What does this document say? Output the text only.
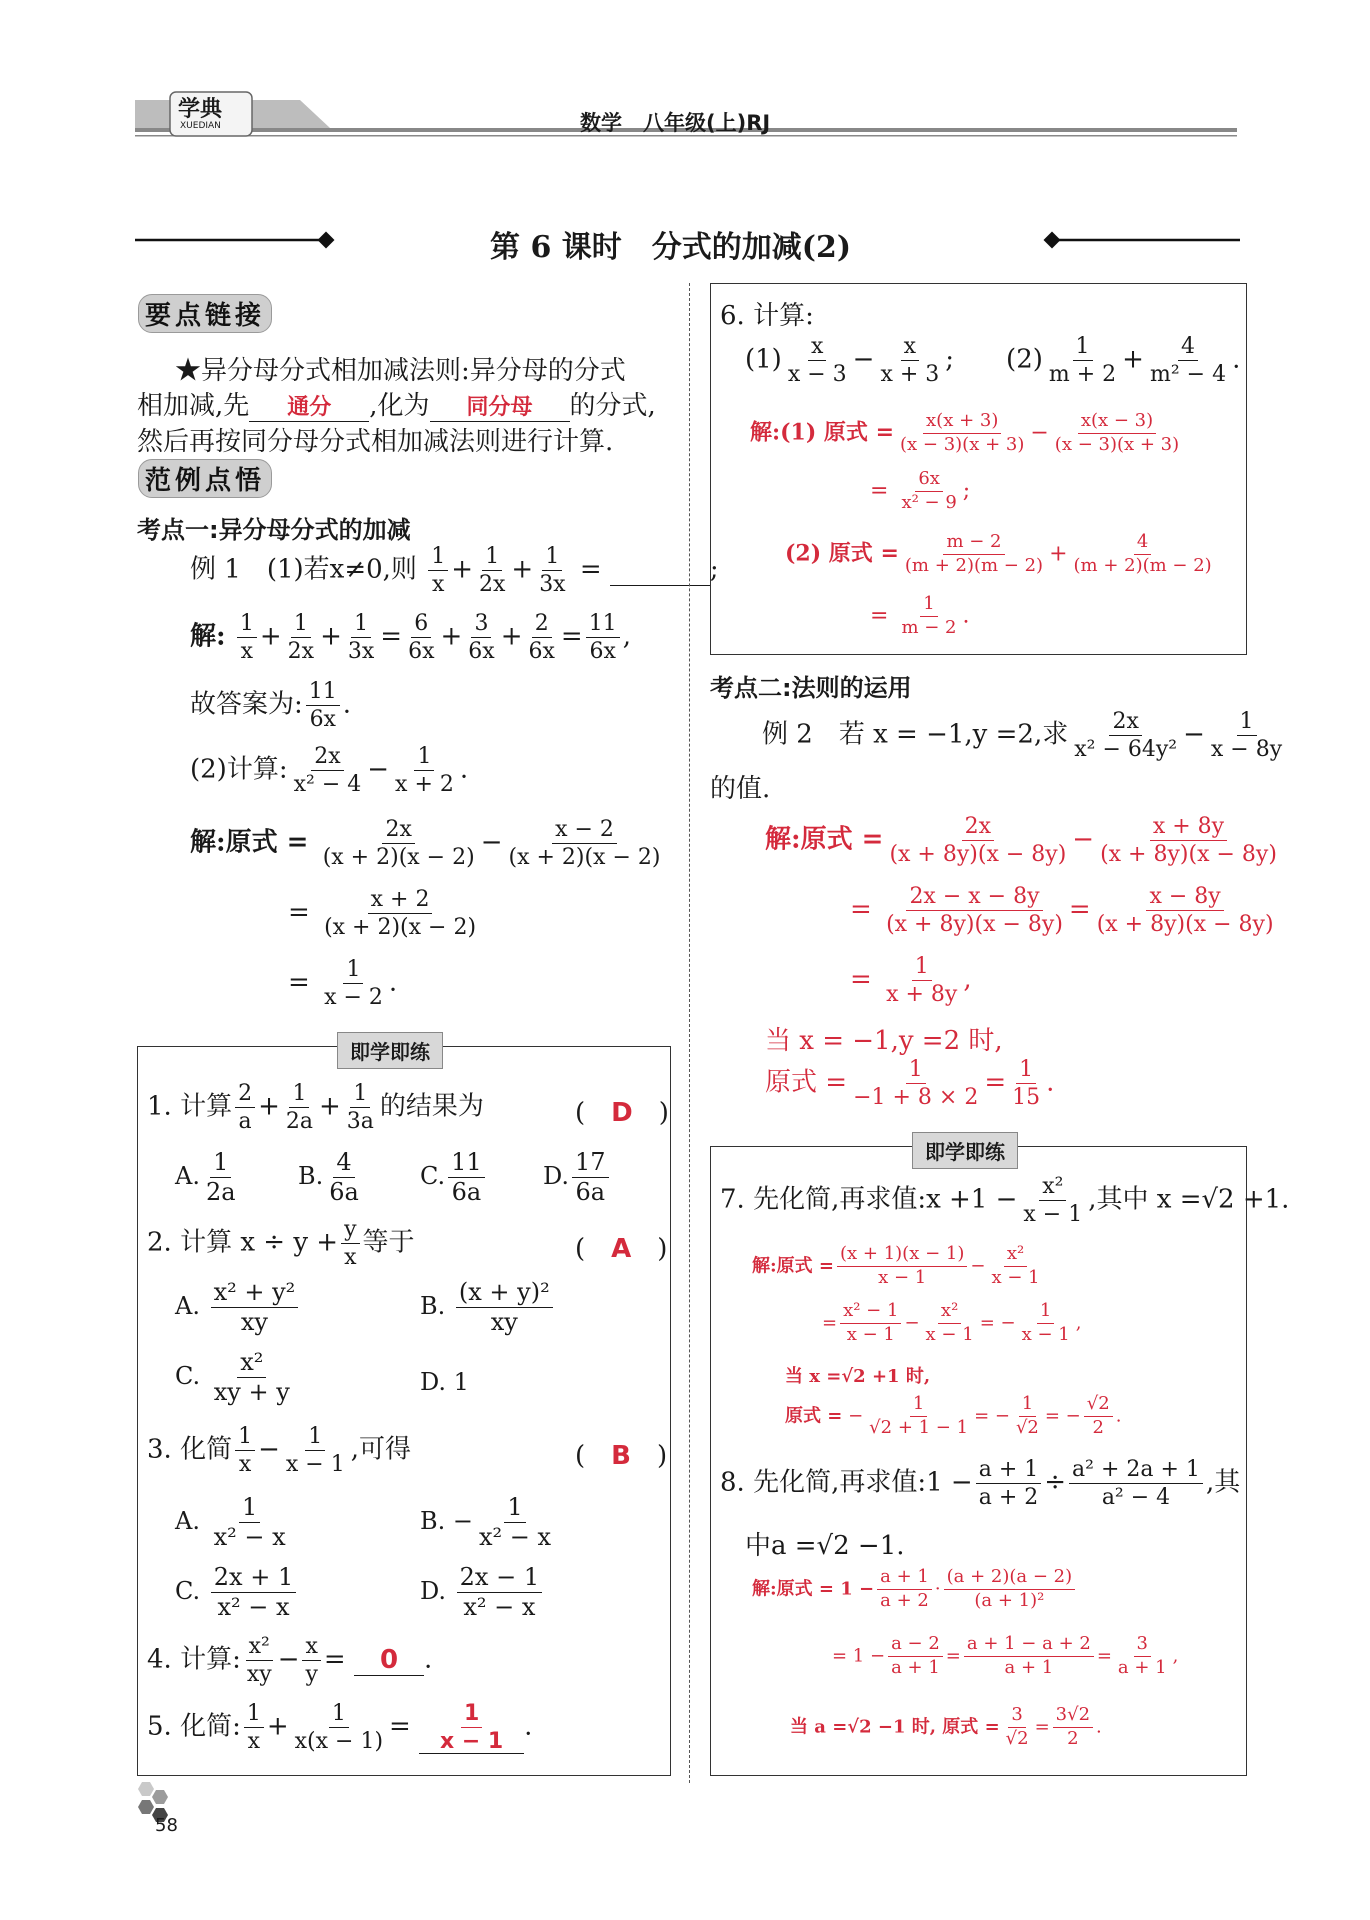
学典
XUEDIAN	数学　八年级(上)RJ
第 6 课时　分式的加减(2)
要点链接
★异分母分式相加减法则:异分母的分式
相加减,先 通分 ,化为 同分母 的分式,
然后再按同分母分式相加减法则进行计算.
范例点悟
考点一:异分母分式的加减
例 1　 (1)若x≠0,则 $\frac{1}{x} + \frac{1}{2x} + \frac{1}{3x}$ =	;
解: $\frac{1}{x} + \frac{1}{2x} + \frac{1}{3x} = \frac{6}{6x} + \frac{3}{6x} + \frac{2}{6x} = \frac{11}{6x}$ ,
故答案为: $\frac{11}{6x}$ .
(2)计算: $\frac{2x}{\text{x² − 4}} - \frac{1}{x + 2}$ .
解:原式 = $\frac{2x}{(x + 2)(x - 2)} - \frac{x - 2}{(x + 2)(x - 2)}$
= $\frac{x + 2}{(x + 2)(x - 2)}$
= $\frac{1}{x - 2}$ .
即学即练
1. 计算 $\frac{2}{a} + \frac{1}{2a} + \frac{1}{3a}$ 的结果为	(　D　)
A. $\frac{1}{2a} B$. $\frac{4}{6a} C$. $\frac{11}{6a} D$. $\frac{17}{6a}$
2. 计算 $x \div y + \frac{y}{x}$ 等于	(　A　)
A. $\frac{\text{x² + y²}}{xy}$	B. $\frac{\text{(x + y)²}}{xy}$
C. $\frac{\text{x²}}{xy + y}$	D. 1
3. 化简 $\frac{1}{x} - \frac{1}{x - 1}$ ,可得	(　B　)
A. $\frac{1}{\text{x² − x}}$	B. − $\frac{1}{\text{x² − x}}$
C. $\frac{2x + 1}{\text{x² − x}}$	D. $\frac{2x - 1}{\text{x² − x}}$
4. 计算: $\frac{\text{x²}}{xy} - \frac{x}{y} = 0$ .
5. 化简: $\frac{1}{x} + \frac{1}{x(x - 1)} = \frac{1}{x - 1}$ .
6. 计算:
$(1) \frac{x}{x - 3} - \frac{x}{x + 3}$ ;　　$(2) \frac{1}{m + 2} + \frac{4}{\text{m² − 4}}$ .
解:(1) 原式 = $\frac{x(x + 3)}{(x - 3)(x + 3)} - \frac{x(x - 3)}{(x - 3)(x + 3)}$
= $\frac{6x}{\text{x² − 9}}$ ;
(2) 原式 = $\frac{m - 2}{(m + 2)(m - 2)} + \frac{4}{(m + 2)(m - 2)}$
= $\frac{1}{m - 2}$ .
考点二:法则的运用
例 2　 若 x = −1,y =2,求 $\frac{2x}{\text{x² − 64y²}} - \frac{1}{x - 8y}$
的值.
解:原式 = $\frac{2x}{(x + 8y)(x - 8y)} - \frac{x + 8y}{(x + 8y)(x - 8y)}$
= $\frac{2x - x - 8y}{(x + 8y)(x - 8y)} = \frac{x - 8y}{(x + 8y)(x - 8y)}$
= $\frac{1}{x + 8y}$ ,
当 x = −1,y =2 时,
原式 = $\frac{1}{-1 + 8 \times 2} = \frac{1}{15}$ .
即学即练
7. 先化简,再求值:x $+1 - \frac{\text{x²}}{x - 1}$ ,其中 x =√2 +1.
解:原式 = $\frac{(x + 1)(x - 1)}{x - 1} - \frac{\text{x²}}{x - 1}$
= $\frac{\text{x² − 1}}{x - 1} - \frac{\text{x²}}{x - 1}$ = − $\frac{1}{x - 1}$ ,
当 x =√2 +1 时,
原式 = − $\frac{1}{√2 + 1 - 1}$ = − $\frac{1}{√2}$ = − $\frac{√2}{2}$ .
8. 先化简,再求值:1 − $\frac{a + 1}{a + 2} \div \frac{\text{a² + 2a + 1}}{\text{a² − 4}}$ ,其
中a =√2 −1.
解:原式 = $1 - \frac{a + 1}{a + 2} \cdot \frac{(a + 2)(a - 2)}{\text{(a + 1)²}}$
= $1 - \frac{a - 2}{a + 1} = \frac{a + 1 - a + 2}{a + 1} = \frac{3}{a + 1}$ ,
当 a =√2 −1 时, 原式 = $\frac{3}{√2} = \frac{3√2}{2}$ .
58
